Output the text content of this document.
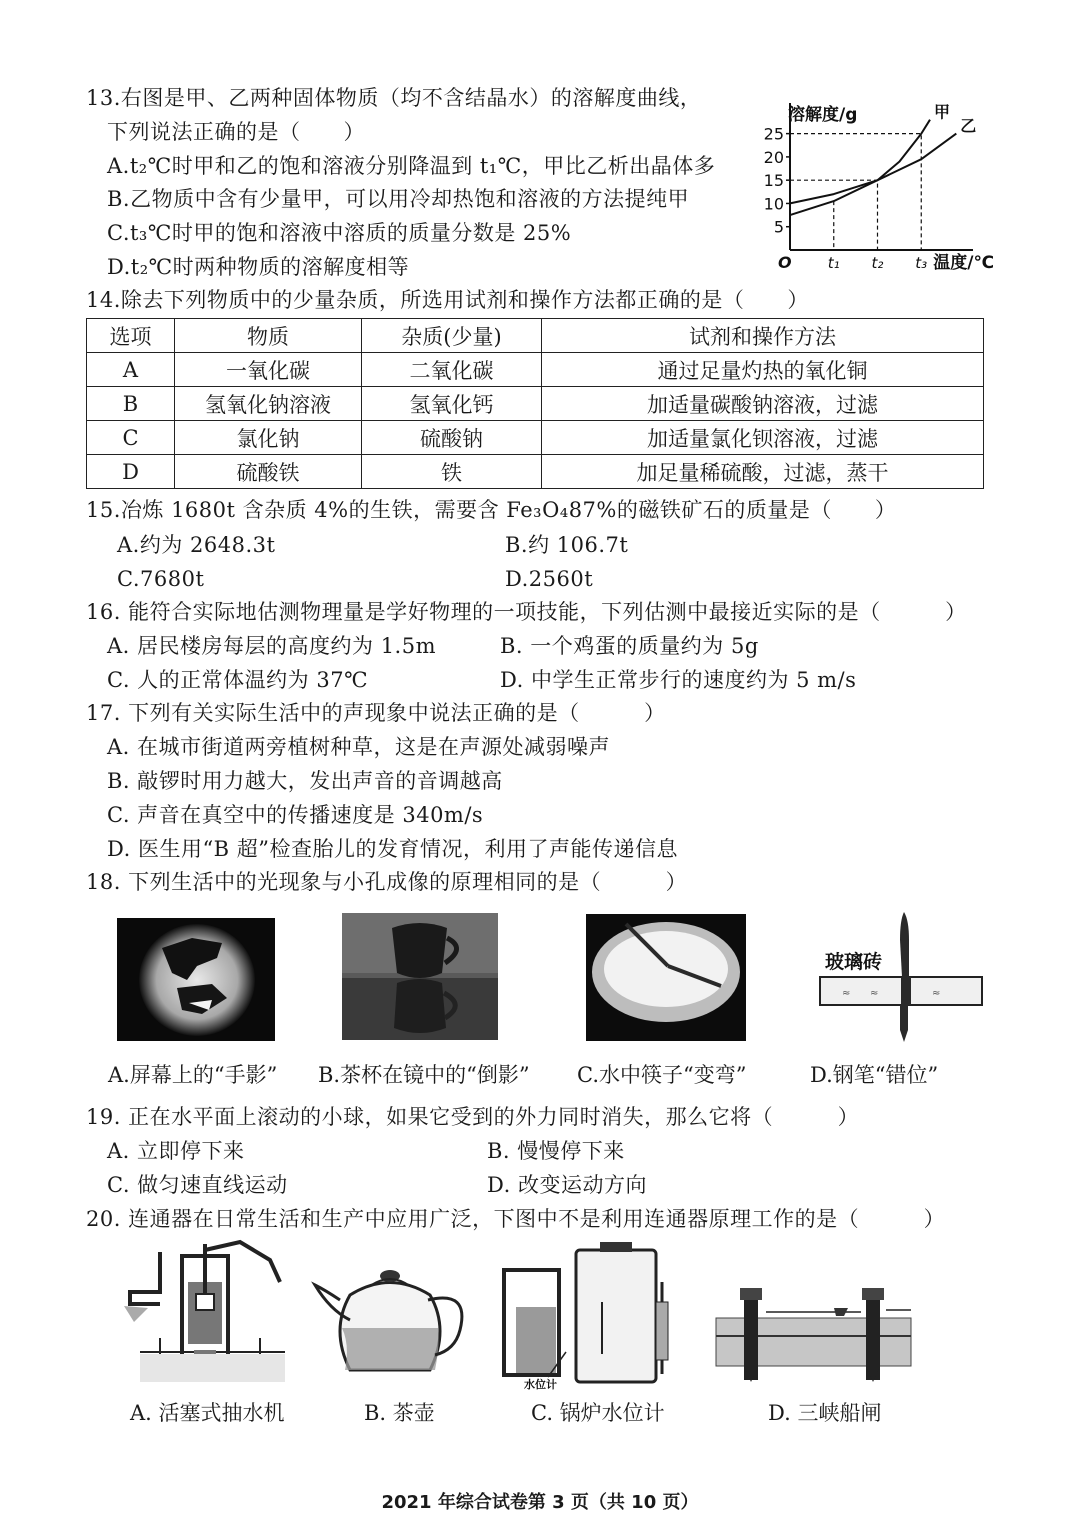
13.右图是甲、乙两种固体物质（均不含结晶水）的溶解度曲线，
下列说法正确的是（　　）
A.t₂℃时甲和乙的饱和溶液分别降温到 t₁℃，甲比乙析出晶体多
B.乙物质中含有少量甲，可以用冷却热饱和溶液的方法提纯甲
C.t₃℃时甲的饱和溶液中溶质的质量分数是 25%
D.t₂℃时两种物质的溶解度相等
5
10
15
20
25
t₁ t₂ t₃
O
溶解度/g
温度/℃
甲
乙
14.除去下列物质中的少量杂质，所选用试剂和操作方法都正确的是（　　）
选项	物质	杂质(少量)	试剂和操作方法
A	一氧化碳	二氧化碳	通过足量灼热的氧化铜
B	氢氧化钠溶液	氢氧化钙	加适量碳酸钠溶液，过滤
C	氯化钠	硫酸钠	加适量氯化钡溶液，过滤
D	硫酸铁	铁	加足量稀硫酸，过滤，蒸干
15.冶炼 1680t 含杂质 4%的生铁，需要含 Fe₃O₄87%的磁铁矿石的质量是（　　）
A.约为 2648.3t	B.约 106.7t
C.7680t	D.2560t
16. 能符合实际地估测物理量是学好物理的一项技能，下列估测中最接近实际的是（　　　）
A. 居民楼房每层的高度约为 1.5m	B. 一个鸡蛋的质量约为 5g
C. 人的正常体温约为 37℃	D. 中学生正常步行的速度约为 5 m/s
17. 下列有关实际生活中的声现象中说法正确的是（　　　）
A. 在城市街道两旁植树种草，这是在声源处减弱噪声
B. 敲锣时用力越大，发出声音的音调越高
C. 声音在真空中的传播速度是 340m/s
D. 医生用“B 超”检查胎儿的发育情况，利用了声能传递信息
18. 下列生活中的光现象与小孔成像的原理相同的是（　　　）
玻璃砖
≈ ≈	≈
A.屏幕上的“手影” B.茶杯在镜中的“倒影” C.水中筷子“变弯”	D.钢笔“错位”
19. 正在水平面上滚动的小球，如果它受到的外力同时消失，那么它将（　　　）
A. 立即停下来	B. 慢慢停下来
C. 做匀速直线运动	D. 改变运动方向
20. 连通器在日常生活和生产中应用广泛，下图中不是利用连通器原理工作的是（　　　）
水位计
A. 活塞式抽水机	B. 茶壶	C. 锅炉水位计	D. 三峡船闸
2021 年综合试卷第 3 页（共 10 页）
